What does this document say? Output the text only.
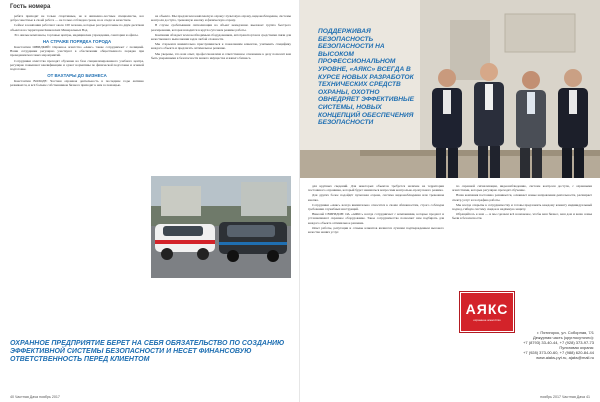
Гость номера

ребята приходят не только спортивные, но и жизненно-честные специалисты, все добросовестные в своей работе — не только соблюдая сроки, но и следя за качеством.

Сейчас в компании работают около 100 человек, которые рассредоточены по двум десяткам объектов на территории Кавказских Минеральных Вод.

Это жилые комплексы, торговые центры, медицинские учреждения, санатории и офисы.

НА СТРАЖЕ ПОРЯДКА ГОРОДА

Константин ШВИДКИЙ: Охранное агентство «Аякс» также сотрудничает с полицией. Наши сотрудники регулярно участвуют в обеспечении общественного порядка при проведении массовых мероприятий.

Сотрудники агентства проходят обучение на базе специализированного учебного центра, регулярно повышают квалификацию и сдают нормативы по физической подготовке и огневой подготовке.

ОТ ВАХТАРЫ ДО БИЗНЕСА

Константин ВОЛОДЕ: Частная охранная деятельность в последние годы активно развивается, и всё больше собственников бизнеса приходят к нам за помощью.

на объекте. Мы предлагаем комплексную охрану: пультовую охрану, видеонаблюдение, системы контроля доступа, тревожную кнопку и физическую охрану.

В случае срабатывания сигнализации на объект немедленно выезжает группа быстрого реагирования, которая находится в круглосуточном режиме работы.

Компания обладает всем необходимым оборудованием, автотранспортом и средствами связи для качественного выполнения задач любой сложности.

Мы стараемся внимательно прислушиваться к пожеланиям клиентов, учитывать специфику каждого объекта и предлагать оптимальное решение.

Мы уверены, что наш опыт, профессионализм и ответственное отношение к делу позволят вам быть уверенными в безопасности вашего имущества и вашего бизнеса.

ОХРАННОЕ ПРЕДПРИЯТИЕ БЕРЕТ НА СЕБЯ ОБЯЗАТЕЛЬСТВО ПО СОЗДАНИЮ ЭФФЕКТИВНОЙ СИСТЕМЫ БЕЗОПАСНОСТИ И НЕСЕТ ФИНАНСОВУЮ ОТВЕТСТВЕННОСТЬ ПЕРЕД КЛИЕНТОМ
40 Частная Дача ноябрь 2017
ПОДДЕРЖИВАЯ БЕЗОПАСНОСТЬ БЕЗОПАСНОСТИ НА ВЫСОКОМ ПРОФЕССИОНАЛЬНОМ УРОВНЕ, «АЯКС» ВСЕГДА В КУРСЕ НОВЫХ РАЗРАБОТОК ТЕХНИЧЕСКИХ СРЕДСТВ ОХРАНЫ, ОХОТНО ОВНЕДРЯЕТ ЭФФЕКТИВНЫЕ СИСТЕМЫ, НОВЫХ КОНЦЕПЦИЙ ОБЕСПЕЧЕНИЯ БЕЗОПАСНОСТИ

для крупных сведений. Для некоторых объектов требуется наличие на территории постоянного охранника, который будет заниматься вопросами контрольно-пропускного режима.

Для других более подойдёт пультовая охрана, система видеонаблюдения или тревожная кнопка.

Сотрудники «Аякс» всегда внимательно относятся к своим обязанностям, строго соблюдая требования служебных инструкций.

Николай СВИРИДОВ: ОА «АЯКС» всегда сотрудничает с компаниями, которые продают и устанавливают охранное оборудование. Такое сотрудничество позволяет нам подбирать для каждого объекта оптимальное решение.

Опыт работы, репутация и отзывы клиентов являются лучшим подтверждением высокого качества наших услуг.

по охранной сигнализации, видеонаблюдению, системе контроля доступа, с охранными агентствами, которые регулярно проходят обучение.

Наша компания постоянно развивается, осваивает новые направления деятельности, расширяет спектр услуг и географию работы.

Мы всегда открыты к сотрудничеству и готовы предложить каждому клиенту индивидуальный подход, гибкую систему скидок и надёжную защиту.

Обращайтесь к нам — и мы сделаем всё возможное, чтобы ваш бизнес, ваш дом и ваша семья были в безопасности.

АЯКС
охранное агентство
г. Пятигорск, ул. Соборная, 7/1
Дежурная часть (круглосуточно):
+7 (8793) 33-40-44, +7 (928) 373-97-73
Пультовая охрана:
+7 (928) 373-00-60, +7 (988) 620-84-44
www.aiaks-pyt.ru, ajaks@mail.ru
ноябрь 2017 Частная Дача 41
